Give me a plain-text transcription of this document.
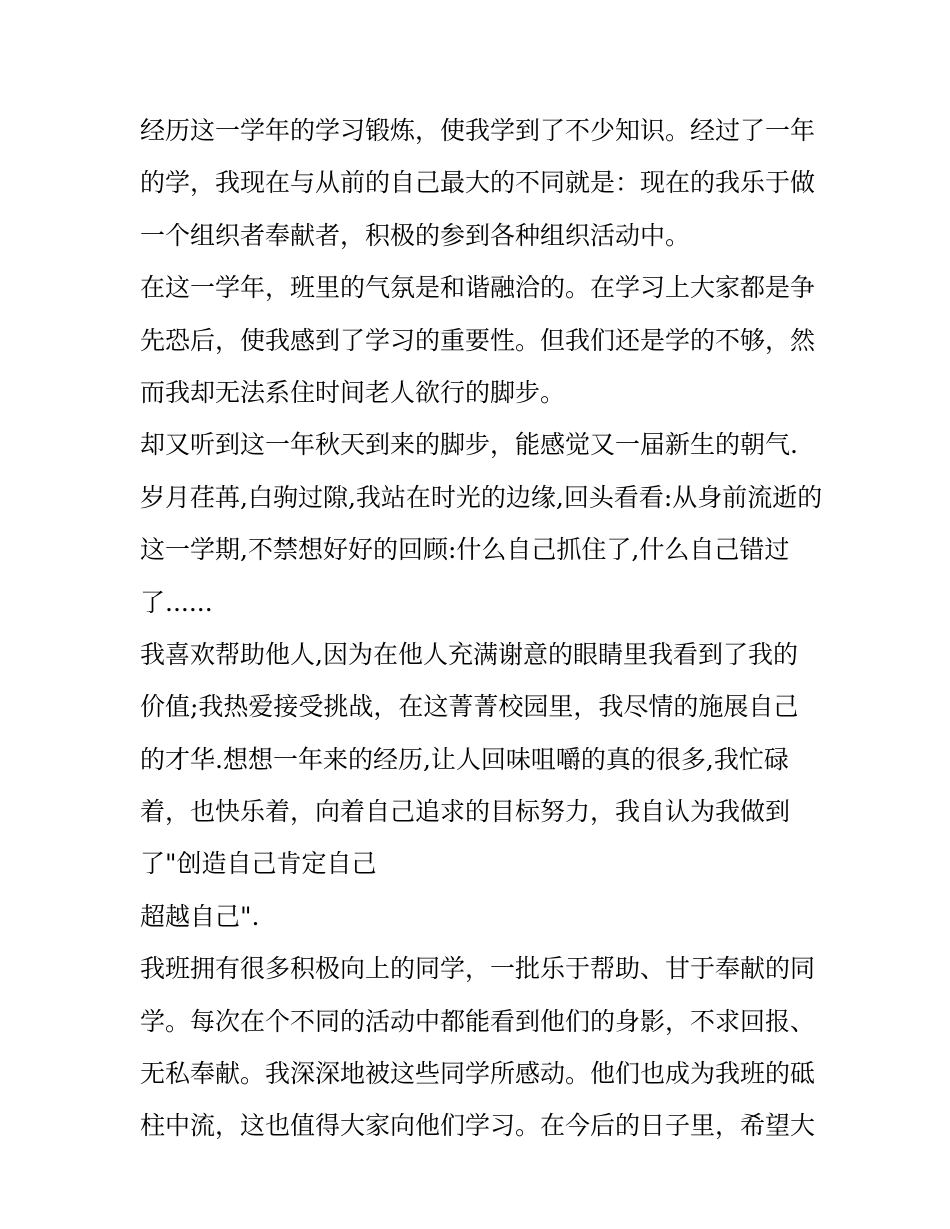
经历这一学年的学习锻炼，使我学到了不少知识。经过了一年
的学，我现在与从前的自己最大的不同就是：现在的我乐于做
一个组织者奉献者，积极的参到各种组织活动中。
在这一学年，班里的气氛是和谐融洽的。在学习上大家都是争
先恐后，使我感到了学习的重要性。但我们还是学的不够，然
而我却无法系住时间老人欲行的脚步。
却又听到这一年秋天到来的脚步，能感觉又一届新生的朝气.
岁月荏苒,白驹过隙,我站在时光的边缘,回头看看:从身前流逝的
这一学期,不禁想好好的回顾:什么自己抓住了,什么自己错过
了......
我喜欢帮助他人,因为在他人充满谢意的眼睛里我看到了我的
价值;我热爱接受挑战，在这菁菁校园里，我尽情的施展自己
的才华.想想一年来的经历,让人回味咀嚼的真的很多,我忙碌
着，也快乐着，向着自己追求的目标努力，我自认为我做到
了"创造自己肯定自己
超越自己".
我班拥有很多积极向上的同学，一批乐于帮助、甘于奉献的同
学。每次在个不同的活动中都能看到他们的身影，不求回报、
无私奉献。我深深地被这些同学所感动。他们也成为我班的砥
柱中流，这也值得大家向他们学习。在今后的日子里，希望大
